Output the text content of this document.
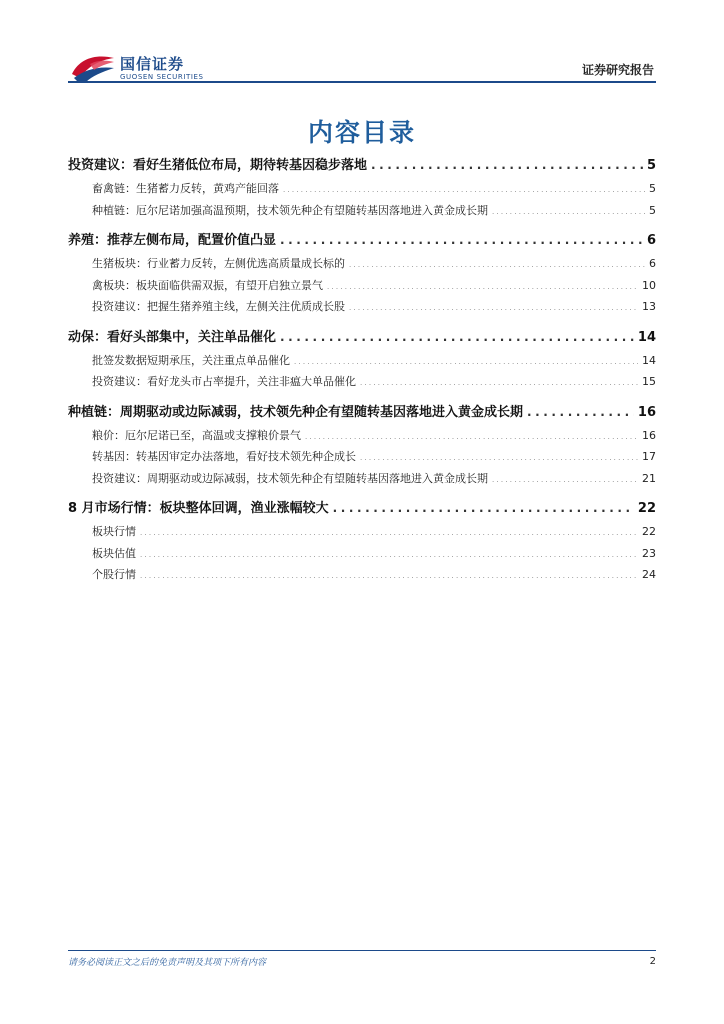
国信证券
GUOSEN SECURITIES	证券研究报告
内容目录
投资建议：看好生猪低位布局，期待转基因稳步落地 . . .	5
畜禽链：生猪蓄力反转，黄鸡产能回落 . . .	5
种植链：厄尔尼诺加强高温预期，技术领先种企有望随转基因落地进入黄金成长期 . . .	5
养殖：推荐左侧布局，配置价值凸显 . . .	6
生猪板块：行业蓄力反转，左侧优选高质量成长标的 . . .	6
禽板块：板块面临供需双振，有望开启独立景气 . . .	10
投资建议：把握生猪养殖主线，左侧关注优质成长股 . . .	13
动保：看好头部集中，关注单品催化 . . .	14
批签发数据短期承压，关注重点单品催化 . . .	14
投资建议：看好龙头市占率提升，关注非瘟大单品催化 . . .	15
种植链：周期驱动或边际减弱，技术领先种企有望随转基因落地进入黄金成长期 . . .	16
粮价：厄尔尼诺已至，高温或支撑粮价景气 . . .	16
转基因：转基因审定办法落地，看好技术领先种企成长 . . .	17
投资建议：周期驱动或边际减弱，技术领先种企有望随转基因落地进入黄金成长期 . . .	21
8 月市场行情：板块整体回调，渔业涨幅较大 . . .	22
板块行情 . . .	22
板块估值 . . .	23
个股行情 . . .	24
请务必阅读正文之后的免责声明及其项下所有内容	2
